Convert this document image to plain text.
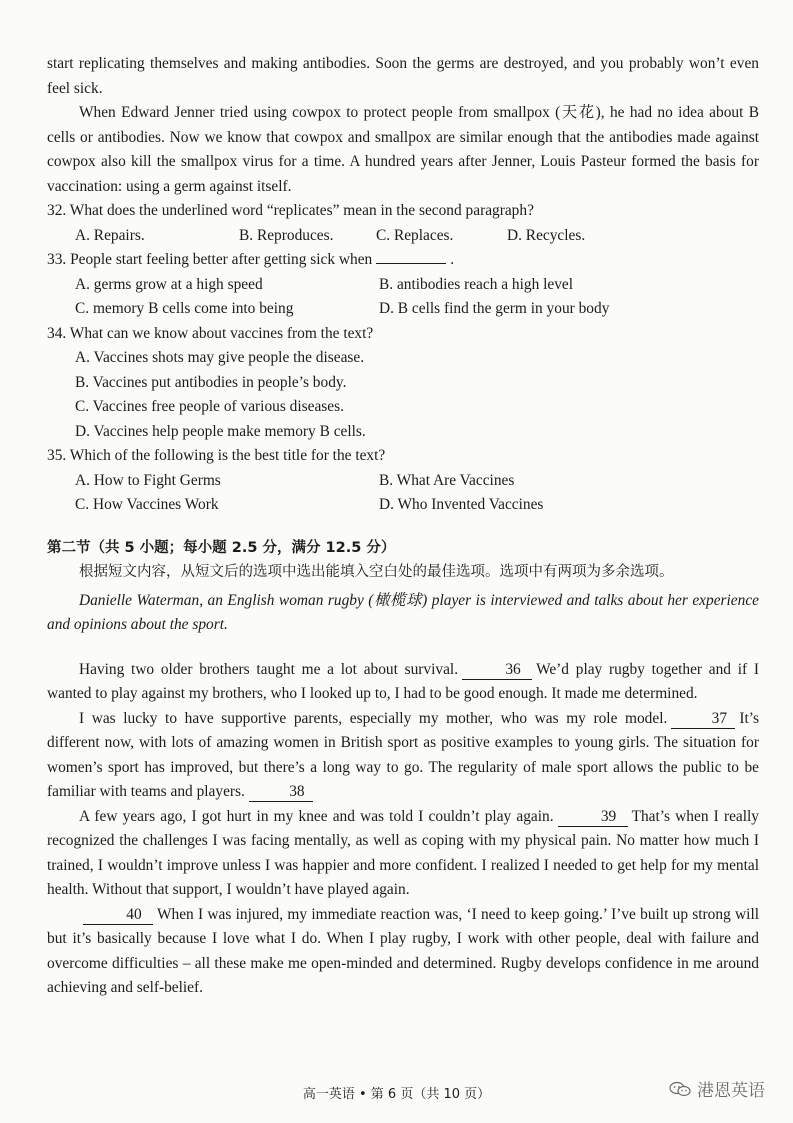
start replicating themselves and making antibodies. Soon the germs are destroyed, and you probably won’t even feel sick.

When Edward Jenner tried using cowpox to protect people from smallpox (天花), he had no idea about B cells or antibodies. Now we know that cowpox and smallpox are similar enough that the antibodies made against cowpox also kill the smallpox virus for a time. A hundred years after Jenner, Louis Pasteur formed the basis for vaccination: using a germ against itself.

32. What does the underlined word “replicates” mean in the second paragraph?

A. Repairs.	B. Reproduces.	C. Replaces.	D. Recycles.

33. People start feeling better after getting sick when	.

A. germs grow at a high speed	B. antibodies reach a high level
C. memory B cells come into being	D. B cells find the germ in your body

34. What can we know about vaccines from the text?

A. Vaccines shots may give people the disease.

B. Vaccines put antibodies in people’s body.

C. Vaccines free people of various diseases.

D. Vaccines help people make memory B cells.

35. Which of the following is the best title for the text?

A. How to Fight Germs	B. What Are Vaccines
C. How Vaccines Work	D. Who Invented Vaccines

第二节（共 5 小题；每小题 2.5 分，满分 12.5 分）

根据短文内容，从短文后的选项中选出能填入空白处的最佳选项。选项中有两项为多余选项。

Danielle Waterman, an English woman rugby (橄榄球) player is interviewed and talks about her experience and opinions about the sport.

Having two older brothers taught me a lot about survival.	36 We’d play rugby together and if I wanted to play against my brothers, who I looked up to, I had to be good enough. It made me determined.

I was lucky to have supportive parents, especially my mother, who was my role model.	37 It’s different now, with lots of amazing women in British sport as positive examples to young girls. The situation for women’s sport has improved, but there’s a long way to go. The regularity of male sport allows the public to be familiar with teams and players.	38

A few years ago, I got hurt in my knee and was told I couldn’t play again.	39 That’s when I really recognized the challenges I was facing mentally, as well as coping with my physical pain. No matter how much I trained, I wouldn’t improve unless I was happier and more confident. I realized I needed to get help for my mental health. Without that support, I wouldn’t have played again.

40 When I was injured, my immediate reaction was, ‘I need to keep going.’ I’ve built up strong will but it’s basically because I love what I do. When I play rugby, I work with other people, deal with failure and overcome difficulties – all these make me open-minded and determined. Rugby develops confidence in me around achieving and self-belief.

高一英语 • 第 6 页（共 10 页）	港恩英语
